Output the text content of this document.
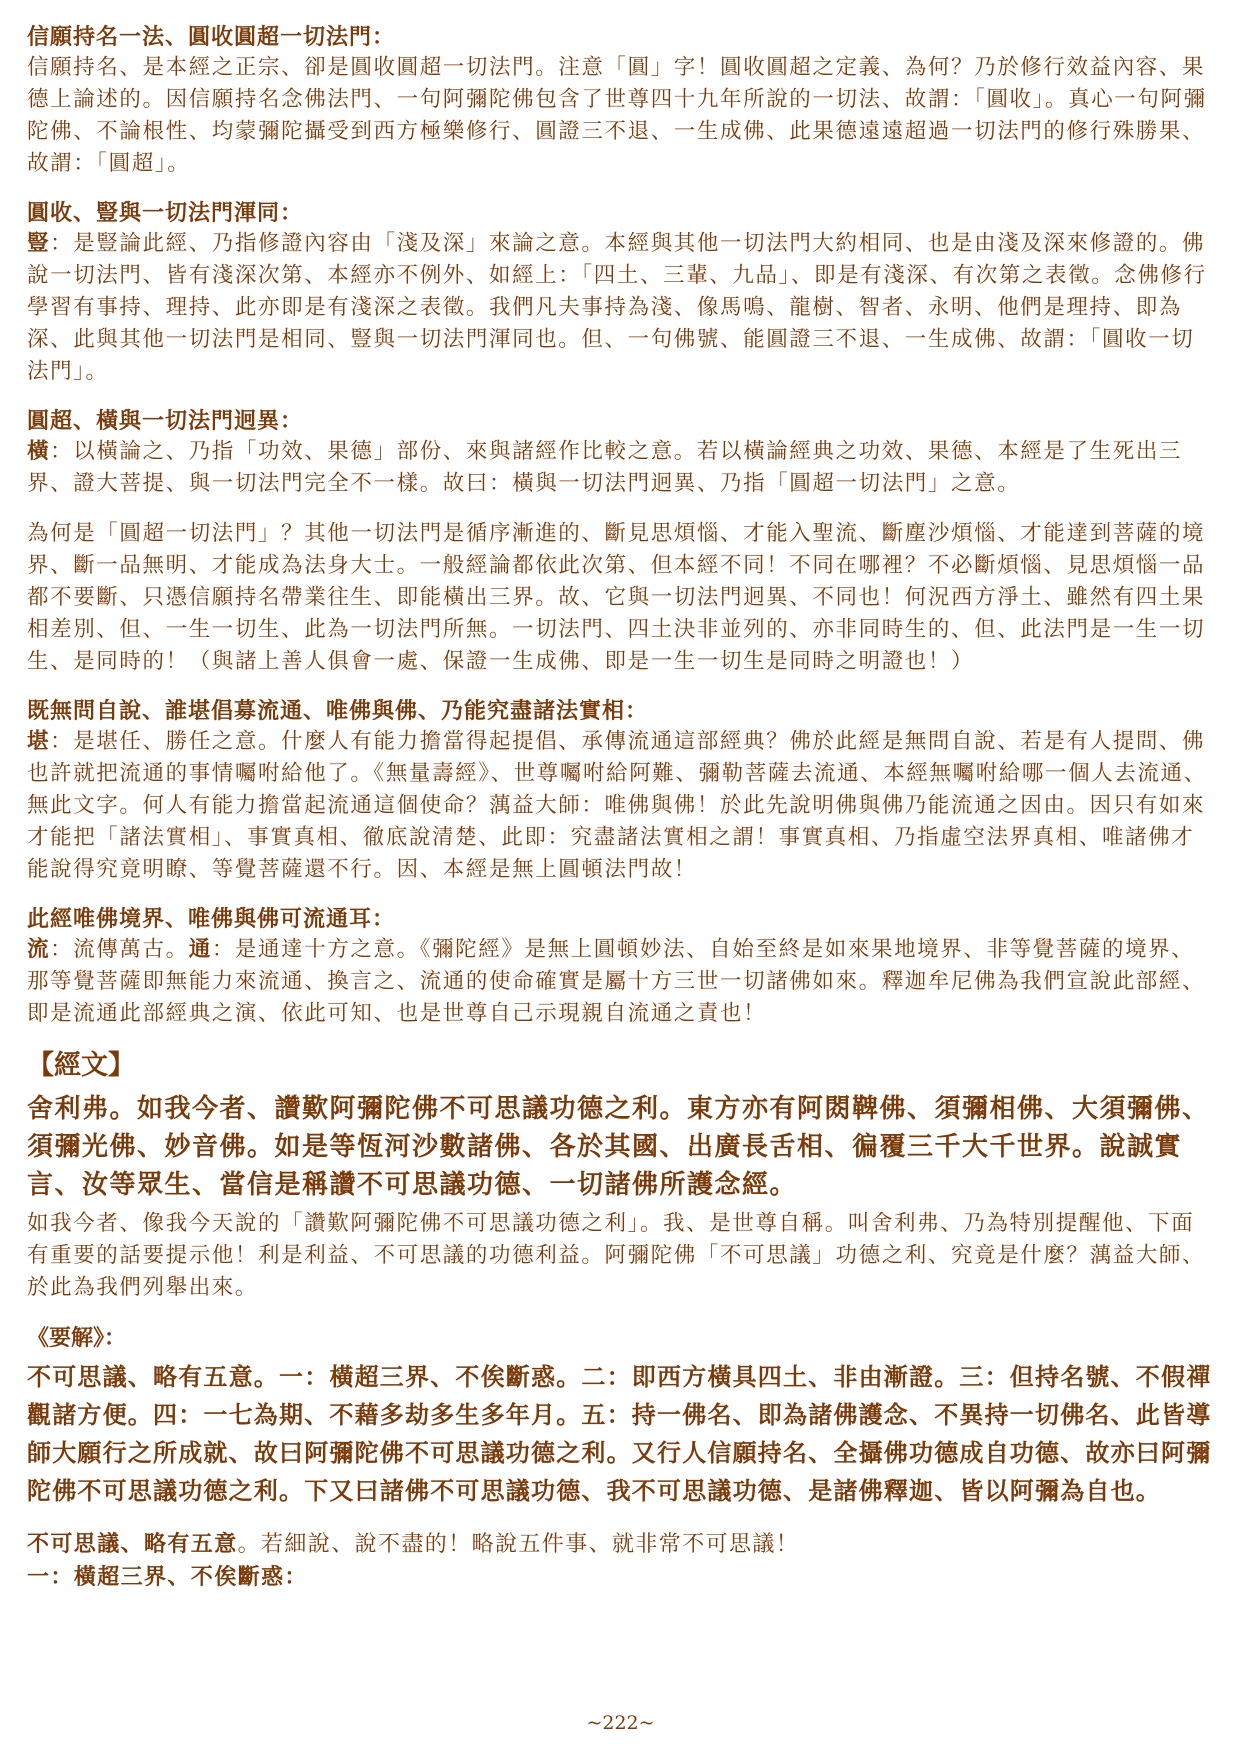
信願持名一法、圓收圓超一切法門：

信願持名、是本經之正宗、卻是圓收圓超一切法門。注意「圓」字！圓收圓超之定義、為何？乃於修行效益內容、果德上論述的。因信願持名念佛法門、一句阿彌陀佛包含了世尊四十九年所說的一切法、故謂：「圓收」。真心一句阿彌陀佛、不論根性、均蒙彌陀攝受到西方極樂修行、圓證三不退、一生成佛、此果德遠遠超過一切法門的修行殊勝果、故謂：「圓超」。

圓收、豎與一切法門渾同：

豎：是豎論此經、乃指修證內容由「淺及深」來論之意。本經與其他一切法門大約相同、也是由淺及深來修證的。佛說一切法門、皆有淺深次第、本經亦不例外、如經上：「四土、三輩、九品」、即是有淺深、有次第之表徵。念佛修行學習有事持、理持、此亦即是有淺深之表徵。我們凡夫事持為淺、像馬鳴、龍樹、智者、永明、他們是理持、即為深、此與其他一切法門是相同、豎與一切法門渾同也。但、一句佛號、能圓證三不退、一生成佛、故謂：「圓收一切法門」。

圓超、橫與一切法門迥異：

橫：以橫論之、乃指「功效、果德」部份、來與諸經作比較之意。若以橫論經典之功效、果德、本經是了生死出三界、證大菩提、與一切法門完全不一樣。故曰：橫與一切法門迥異、乃指「圓超一切法門」之意。

為何是「圓超一切法門」？其他一切法門是循序漸進的、斷見思煩惱、才能入聖流、斷塵沙煩惱、才能達到菩薩的境界、斷一品無明、才能成為法身大士。一般經論都依此次第、但本經不同！不同在哪裡？不必斷煩惱、見思煩惱一品都不要斷、只憑信願持名帶業往生、即能橫出三界。故、它與一切法門迥異、不同也！何況西方淨土、雖然有四土果相差別、但、一生一切生、此為一切法門所無。一切法門、四土決非並列的、亦非同時生的、但、此法門是一生一切生、是同時的！（與諸上善人俱會一處、保證一生成佛、即是一生一切生是同時之明證也！）

既無問自說、誰堪倡募流通、唯佛與佛、乃能究盡諸法實相：

堪：是堪任、勝任之意。什麼人有能力擔當得起提倡、承傳流通這部經典？佛於此經是無問自說、若是有人提問、佛也許就把流通的事情囑咐給他了。《無量壽經》、世尊囑咐給阿難、彌勒菩薩去流通、本經無囑咐給哪一個人去流通、無此文字。何人有能力擔當起流通這個使命？蕅益大師：唯佛與佛！於此先說明佛與佛乃能流通之因由。因只有如來才能把「諸法實相」、事實真相、徹底說清楚、此即：究盡諸法實相之謂！事實真相、乃指虛空法界真相、唯諸佛才能說得究竟明瞭、等覺菩薩還不行。因、本經是無上圓頓法門故！

此經唯佛境界、唯佛與佛可流通耳：

流：流傳萬古。通：是通達十方之意。《彌陀經》是無上圓頓妙法、自始至終是如來果地境界、非等覺菩薩的境界、那等覺菩薩即無能力來流通、換言之、流通的使命確實是屬十方三世一切諸佛如來。釋迦牟尼佛為我們宣說此部經、即是流通此部經典之演、依此可知、也是世尊自己示現親自流通之責也！

【經文】

舍利弗。如我今者、讚歎阿彌陀佛不可思議功德之利。東方亦有阿閦鞞佛、須彌相佛、大須彌佛、須彌光佛、妙音佛。如是等恆河沙數諸佛、各於其國、出廣長舌相、徧覆三千大千世界。說誠實言、汝等眾生、當信是稱讚不可思議功德、一切諸佛所護念經。

如我今者、像我今天說的「讚歎阿彌陀佛不可思議功德之利」。我、是世尊自稱。叫舍利弗、乃為特別提醒他、下面有重要的話要提示他！利是利益、不可思議的功德利益。阿彌陀佛「不可思議」功德之利、究竟是什麼？蕅益大師、於此為我們列舉出來。

《要解》：

不可思議、略有五意。一：橫超三界、不俟斷惑。二：即西方橫具四土、非由漸證。三：但持名號、不假禪觀諸方便。四：一七為期、不藉多劫多生多年月。五：持一佛名、即為諸佛護念、不異持一切佛名、此皆導師大願行之所成就、故曰阿彌陀佛不可思議功德之利。又行人信願持名、全攝佛功德成自功德、故亦曰阿彌陀佛不可思議功德之利。下又曰諸佛不可思議功德、我不可思議功德、是諸佛釋迦、皆以阿彌為自也。

不可思議、略有五意。若細說、說不盡的！略說五件事、就非常不可思議！

一：橫超三界、不俟斷惑：

~222~
